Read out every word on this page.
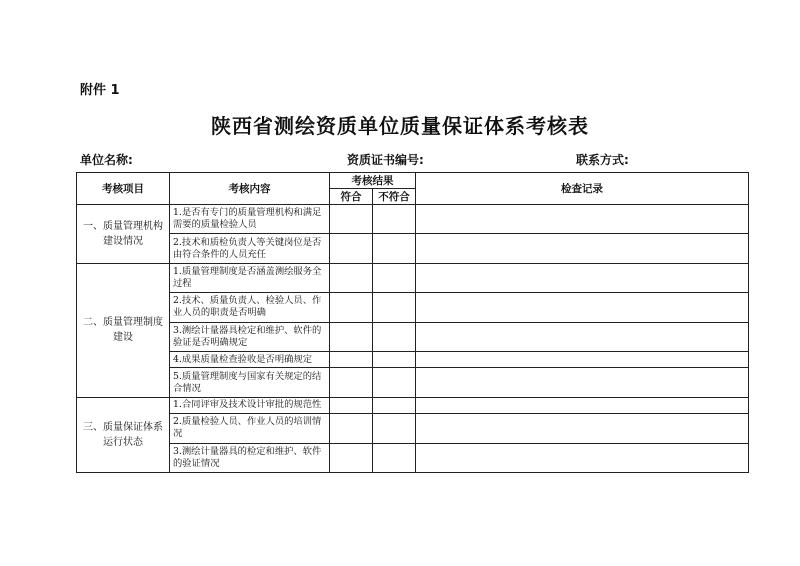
附件 1
陕西省测绘资质单位质量保证体系考核表
单位名称:	资质证书编号:	联系方式:
考核项目	考核内容	考核结果		检查记录
		符合	不符合	
一、质量管理机构建设情况	1.是否有专门的质量管理机构和满足需要的质量检验人员			
	2.技术和质检负责人等关键岗位是否由符合条件的人员充任			
二、质量管理制度建设	1.质量管理制度是否涵盖测绘服务全过程			
	2.技术、质量负责人、检验人员、作业人员的职责是否明确			
	3.测绘计量器具检定和维护、软件的验证是否明确规定			
	4.成果质量检查验收是否明确规定			
	5.质量管理制度与国家有关规定的结合情况			
三、质量保证体系运行状态	1.合同评审及技术设计审批的规范性			
	2.质量检验人员、作业人员的培训情况			
	3.测绘计量器具的检定和维护、软件的验证情况			
